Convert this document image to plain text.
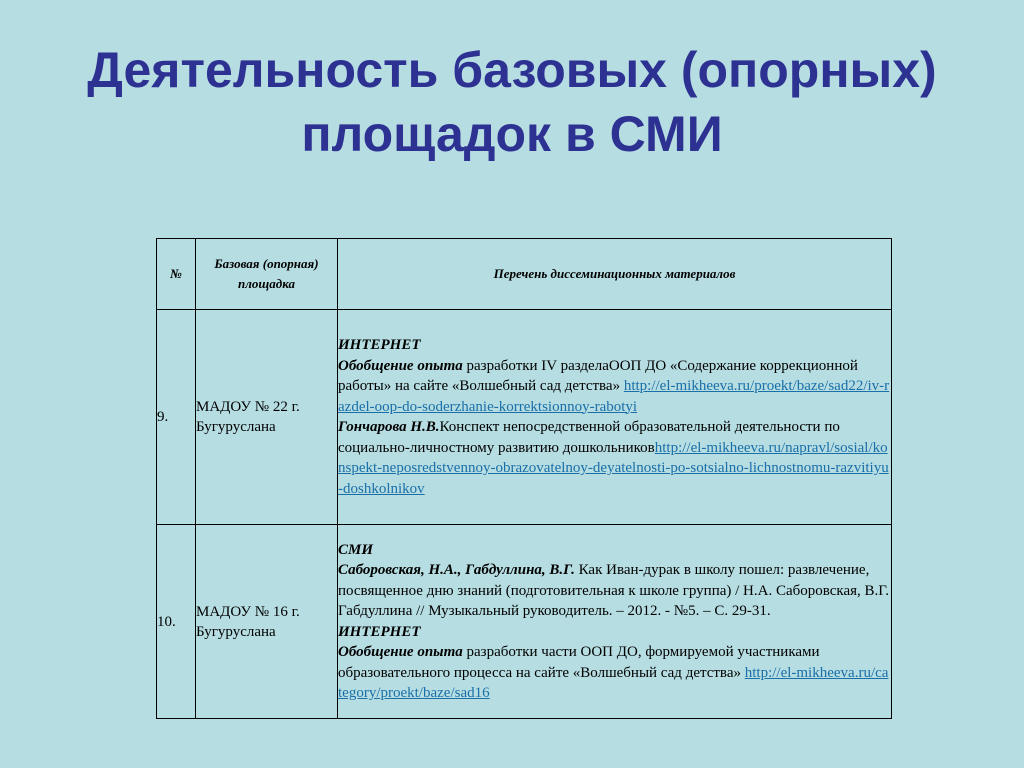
Деятельность базовых (опорных)
площадок в СМИ
№	Базовая (опорная) площадка	Перечень диссеминационных материалов
9.	МАДОУ № 22 г. Бугуруслана	ИНТЕРНЕТ
Обобщение опыта разработки IV разделаООП ДО «Содержание коррекционной работы» на сайте «Волшебный сад детства» http://el-mikheeva.ru/proekt/baze/sad22/iv-razdel-oop-do-soderzhanie-korrektsionnoy-rabotyi
Гончарова Н.В.Конспект непосредственной образовательной деятельности по социально-личностному развитию дошкольниковhttp://el-mikheeva.ru/napravl/sosial/konspekt-neposredstvennoy-obrazovatelnoy-deyatelnosti-po-sotsialno-lichnostnomu-razvitiyu-doshkolnikov
10.	МАДОУ № 16 г. Бугуруслана	СМИ
Саборовская, Н.А., Габдуллина, В.Г. Как Иван-дурак в школу пошел: развлечение, посвященное дню знаний (подготовительная к школе группа) / Н.А. Саборовская, В.Г. Габдуллина // Музыкальный руководитель. – 2012. - №5. – С. 29-31.
ИНТЕРНЕТ
Обобщение опыта разработки части ООП ДО, формируемой участниками образовательного процесса на сайте «Волшебный сад детства» http://el-mikheeva.ru/category/proekt/baze/sad16
